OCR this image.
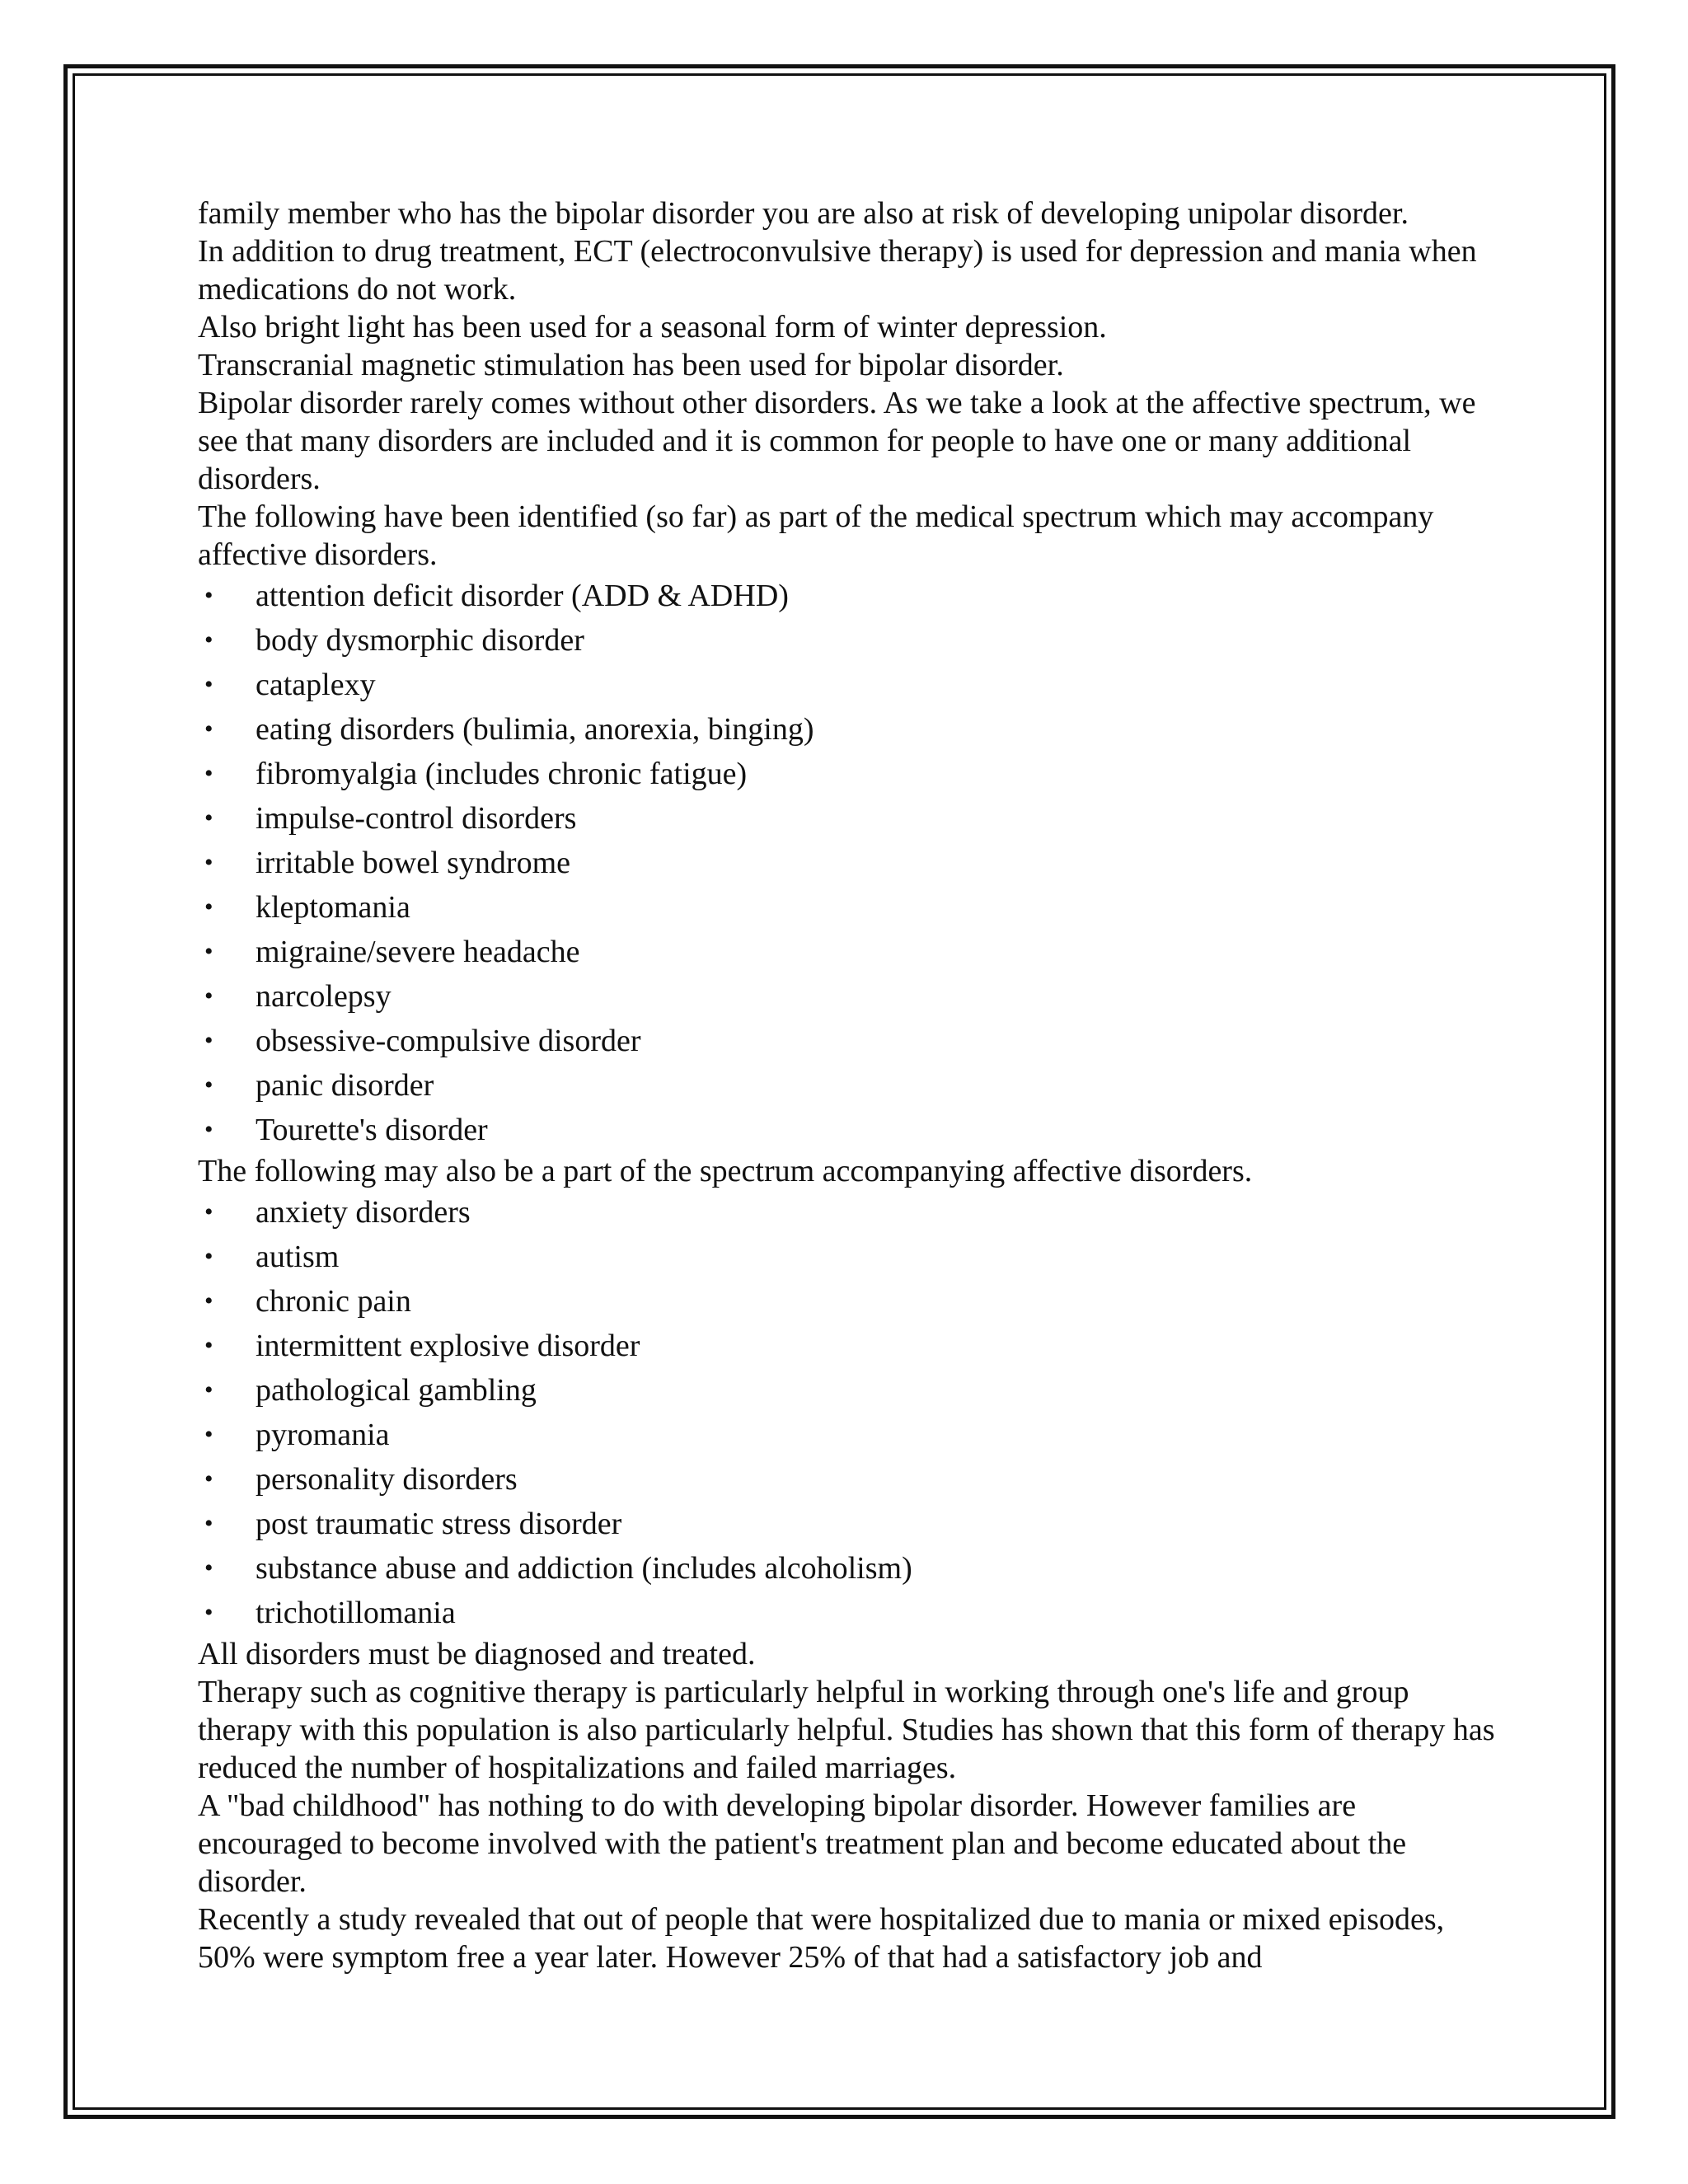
family member who has the bipolar disorder you are also at risk of developing unipolar disorder.

In addition to drug treatment, ECT (electroconvulsive therapy) is used for depression and mania when medications do not work.

Also bright light has been used for a seasonal form of winter depression.

Transcranial magnetic stimulation has been used for bipolar disorder.

Bipolar disorder rarely comes without other disorders. As we take a look at the affective spectrum, we see that many disorders are included and it is common for people to have one or many additional disorders.

The following have been identified (so far) as part of the medical spectrum which may accompany affective disorders.

• attention deficit disorder (ADD & ADHD)
• body dysmorphic disorder
• cataplexy
• eating disorders (bulimia, anorexia, binging)
• fibromyalgia (includes chronic fatigue)
• impulse-control disorders
• irritable bowel syndrome
• kleptomania
• migraine/severe headache
• narcolepsy
• obsessive-compulsive disorder
• panic disorder
• Tourette's disorder

The following may also be a part of the spectrum accompanying affective disorders.

• anxiety disorders
• autism
• chronic pain
• intermittent explosive disorder
• pathological gambling
• pyromania
• personality disorders
• post traumatic stress disorder
• substance abuse and addiction (includes alcoholism)
• trichotillomania

All disorders must be diagnosed and treated.

Therapy such as cognitive therapy is particularly helpful in working through one's life and group therapy with this population is also particularly helpful. Studies has shown that this form of therapy has reduced the number of hospitalizations and failed marriages.

A "bad childhood" has nothing to do with developing bipolar disorder. However families are encouraged to become involved with the patient's treatment plan and become educated about the disorder.

Recently a study revealed that out of people that were hospitalized due to mania or mixed episodes, 50% were symptom free a year later. However 25% of that had a satisfactory job and
